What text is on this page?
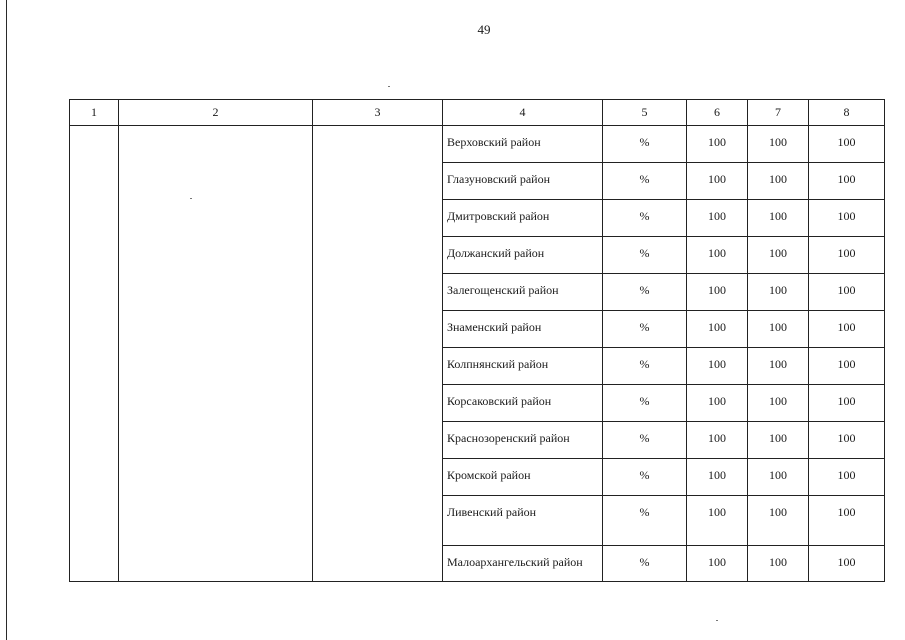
49
1	2	3	4	5	6	7	8
			Верховский район	%	100	100	100
			Глазуновский район	%	100	100	100
			Дмитровский район	%	100	100	100
			Должанский район	%	100	100	100
			Залегощенский район	%	100	100	100
			Знаменский район	%	100	100	100
			Колпнянский район	%	100	100	100
			Корсаковский район	%	100	100	100
			Краснозоренский район	%	100	100	100
			Кромской район	%	100	100	100
			Ливенский район	%	100	100	100
			Малоархангельский район	%	100	100	100
